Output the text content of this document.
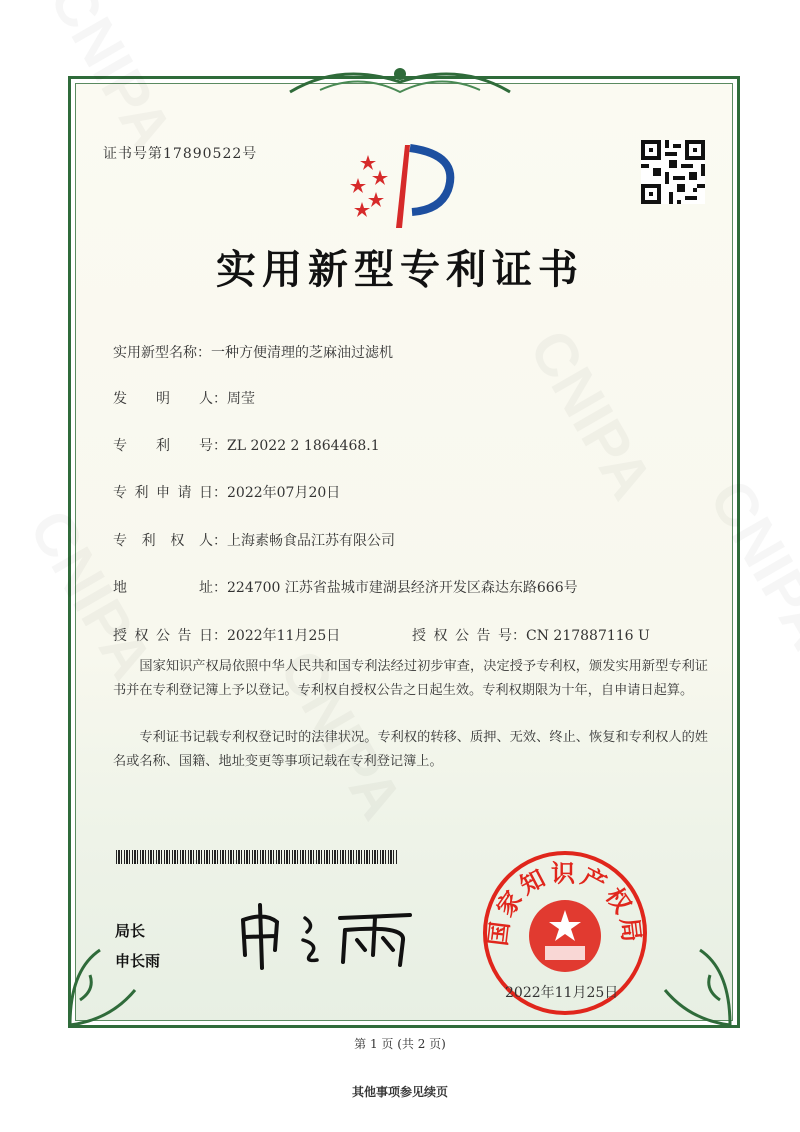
证书号第17890522号
实用新型专利证书
实用新型名称：一种方便清理的芝麻油过滤机
发明人：周莹
专利号：ZL 2022 2 1864468.1
专利申请日：2022年07月20日
专利权人：上海素畅食品江苏有限公司
地址：224700 江苏省盐城市建湖县经济开发区森达东路666号
授权公告日：2022年11月25日	授权公告号：CN 217887116 U
国家知识产权局依照中华人民共和国专利法经过初步审查，决定授予专利权，颁发实用新型专利证书并在专利登记簿上予以登记。专利权自授权公告之日起生效。专利权期限为十年，自申请日起算。
专利证书记载专利权登记时的法律状况。专利权的转移、质押、无效、终止、恢复和专利权人的姓名或名称、国籍、地址变更等事项记载在专利登记簿上。
局长
申长雨
国家知识产权局
2022年11月25日
第 1 页 (共 2 页)
其他事项参见续页
